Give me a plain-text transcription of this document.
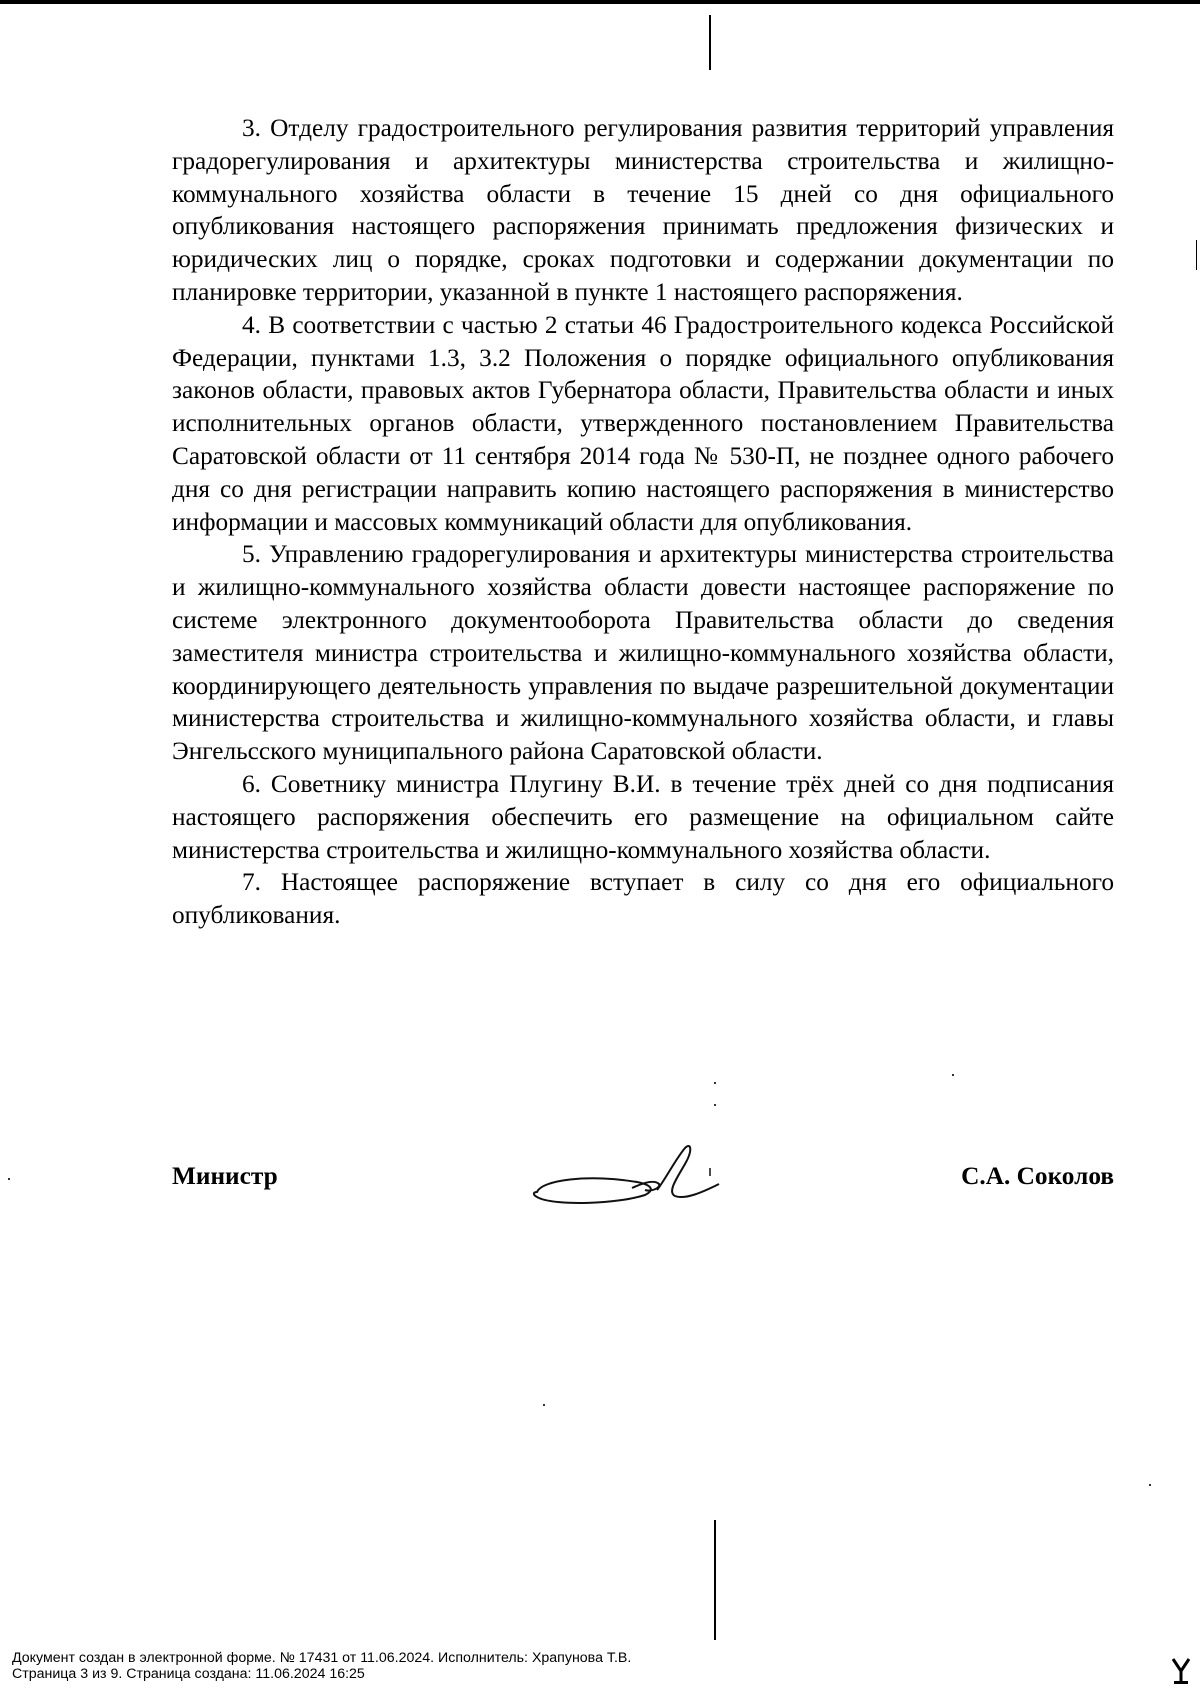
3. Отделу градостроительного регулирования развития территорий управления градорегулирования и архитектуры министерства строительства и жилищно-коммунального хозяйства области в течение 15 дней со дня официального опубликования настоящего распоряжения принимать предложения физических и юридических лиц о порядке, сроках подготовки и содержании документации по планировке территории, указанной в пункте 1 настоящего распоряжения.

4. В соответствии с частью 2 статьи 46 Градостроительного кодекса Российской Федерации, пунктами 1.3, 3.2 Положения о порядке официального опубликования законов области, правовых актов Губернатора области, Правительства области и иных исполнительных органов области, утвержденного постановлением Правительства Саратовской области от 11 сентября 2014 года № 530-П, не позднее одного рабочего дня со дня регистрации направить копию настоящего распоряжения в министерство информации и массовых коммуникаций области для опубликования.

5. Управлению градорегулирования и архитектуры министерства строительства и жилищно-коммунального хозяйства области довести настоящее распоряжение по системе электронного документооборота Правительства области до сведения заместителя министра строительства и жилищно-коммунального хозяйства области, координирующего деятельность управления по выдаче разрешительной документации министерства строительства и жилищно-коммунального хозяйства области, и главы Энгельсского муниципального района Саратовской области.

6. Советнику министра Плугину В.И. в течение трёх дней со дня подписания настоящего распоряжения обеспечить его размещение на официальном сайте министерства строительства и жилищно-коммунального хозяйства области.

7. Настоящее распоряжение вступает в силу со дня его официального опубликования.

Министр	С.А. Соколов
Документ создан в электронной форме. № 17431 от 11.06.2024. Исполнитель: Храпунова Т.В.
Страница 3 из 9. Страница создана: 11.06.2024 16:25
